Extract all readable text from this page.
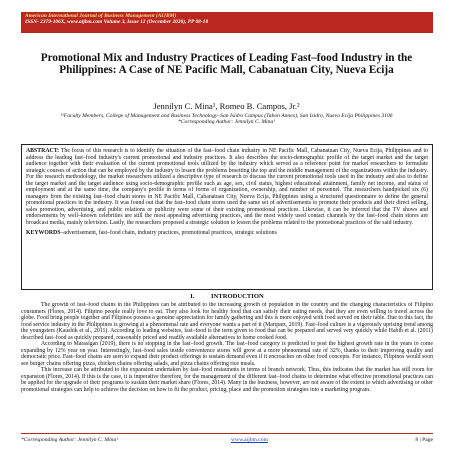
American International Journal of Business Management (AIJBM)
ISSN- 2379-106X, www.aijbm.com Volume 3, Issue 12 (December 2020), PP 08-18
Promotional Mix and Industry Practices of Leading Fast–food Industry in the Philippines: A Case of NE Pacific Mall, Cabanatuan City, Nueva Ecija
Jennilyn C. Mina¹, Romeo B. Campos, Jr.²
¹²Faculty Members, College of Management and Business Technology–San Isidro Campus (Tabon Annex), San Isidro, Nueva Ecija Philippines 3106
*Corresponding Author: Jennilyn C. Mina¹
ABSTRACT: The focus of this research is to identify the situation of the fast–food chain industry in NE Pacific Mall, Cabanatuan City, Nueva Ecija, Philippines and to address the leading fast–food industry's current promotional and industry practices. It also describes the socio-demographic profile of the target market and the target audience together with their evaluation of the current promotional tools utilized by the industry which served as a reference point for market researchers to formulate strategic courses of action that can be employed by the industry to lessen the problems besetting the top and the middle management of the organizations within the industry. For the research methodology, the market researchers utilized a descriptive type of research to discuss the current promotional tools used in the industry and also to define the target market and the target audience using socio-demographic profile such as age, sex, civil status, highest educational attainment, family net income, and status of employment and at the same time, the company's profile in terms of forms of organization, ownership, and number of personnel. The researchers handpicked six (6) managers from the existing fast–food chain stores in NE Pacific Mall, Cabanatuan City, Nueva Ecija, Philippines using a structured questionnaire to define the general promotional practices in the industry. It was found out that the fast–food chain stores used the same set of advertisements to promote their products and their direct selling, sales promotion, advertising, and public relations or publicity were some of their existing promotional practices. Likewise, it can be inferred that the TV shows and endorsements by well–known celebrities are still the most appealing advertising practices, and the most widely used contact channels by the fast–food chain stores are broadcast media, mainly television. Lastly, the researchers proposed a strategic solution to lessen the problems related to the promotional practices of the said industry.
KEYWORDS–advertisement, fast–food chain, industry practices, promotional practices, strategic solutions
I.          INTRODUCTION

The growth of fast–food chains in the Philippines can be attributed to the increasing growth of population in the country and the changing characteristics of Filipino consumers (Flores, 2014). Filipino people really love to eat. They also look for healthy food that can satisfy their eating needs, that they are even willing to travel across the globe. Food bring people together and Filipinos possess a genuine appreciation for family gathering and this is more enjoyed with food served on their table. Due to this fact, the food service industry in the Philippines is growing at a phenomenal rate and everyone wants a part of it (Marquez, 2019). Fast–food culture is a vigorously uprising trend among the youngsters (Kaushik et al., 2011). According to leading websites, fast–food is the term given to food that can be prepared and served very quickly while Habib et al. (2011) described fast–food as quickly prepared, reasonably priced and readily available alternatives to home cooked food.

According to Marasigan (2019), there is no stopping in the fast–food growth. The fast–food category is predicted to post the highest growth rate in the years to come expanding by 12% year on year. Interestingly, fast–food sales inside convenience stores will grow at a more phenomenal rate of 32%, thanks to their improving quality and democratic price. Fast–food chains are seen to expand their product offerings to sustain demand even if it encroaches on other food concepts. For instance, Filipinos would soon see burger chains offering pizza, chicken chains offering salads, and pizza chains offering rice meals.

This increase can be attributed to the expansion undertaken by fast–food restaurants in terms of branch network. Thus, this indicates that the market has still room for expansion (Flores, 2014). If this is the case, it is imperative therefore, for the management of the different fast–food chains to determine what effective promotional practices can be applied for the upgrade of their programs to sustain their market share (Flores, 2014). Many in the business, however, are not aware of the extent to which advertising or other promotional strategies can help to achieve the decision on how to fit the product, pricing, place and the promotion strategies into a marketing program.

*Corresponding Author: Jennilyn C. Mina¹	www.aijbm.com	8 | Page
